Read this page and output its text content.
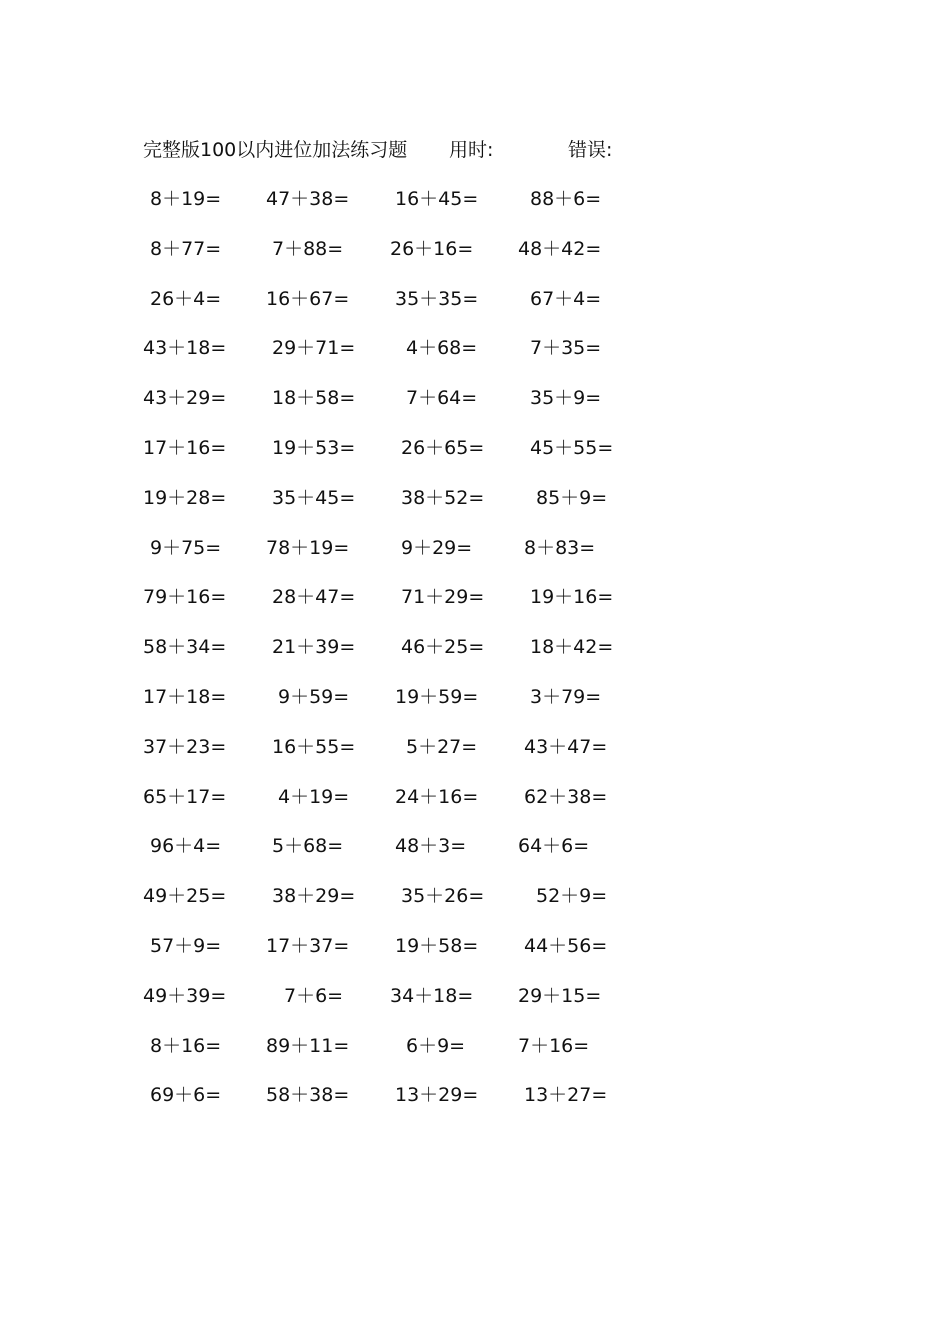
完整版100以内进位加法练习题 用时:	错误:
8＋19= 47＋38= 16＋45=	88＋6=
8＋77=	7＋88= 26＋16= 48＋42=
26＋4= 16＋67= 35＋35=	67＋4=
43＋18= 29＋71=	4＋68=	7＋35=
43＋29= 18＋58=	7＋64=	35＋9=
17＋16= 19＋53= 26＋65= 45＋55=
19＋28= 35＋45= 38＋52=	85＋9=
9＋75= 78＋19=	9＋29=	8＋83=
79＋16= 28＋47= 71＋29= 19＋16=
58＋34= 21＋39= 46＋25= 18＋42=
17＋18=	9＋59= 19＋59=	3＋79=
37＋23= 16＋55=	5＋27= 43＋47=
65＋17=	4＋19= 24＋16= 62＋38=
96＋4=	5＋68=	48＋3=	64＋6=
49＋25= 38＋29= 35＋26=	52＋9=
57＋9= 17＋37= 19＋58= 44＋56=
49＋39=	7＋6= 34＋18= 29＋15=
8＋16= 89＋11=	6＋9=	7＋16=
69＋6= 58＋38= 13＋29= 13＋27=
